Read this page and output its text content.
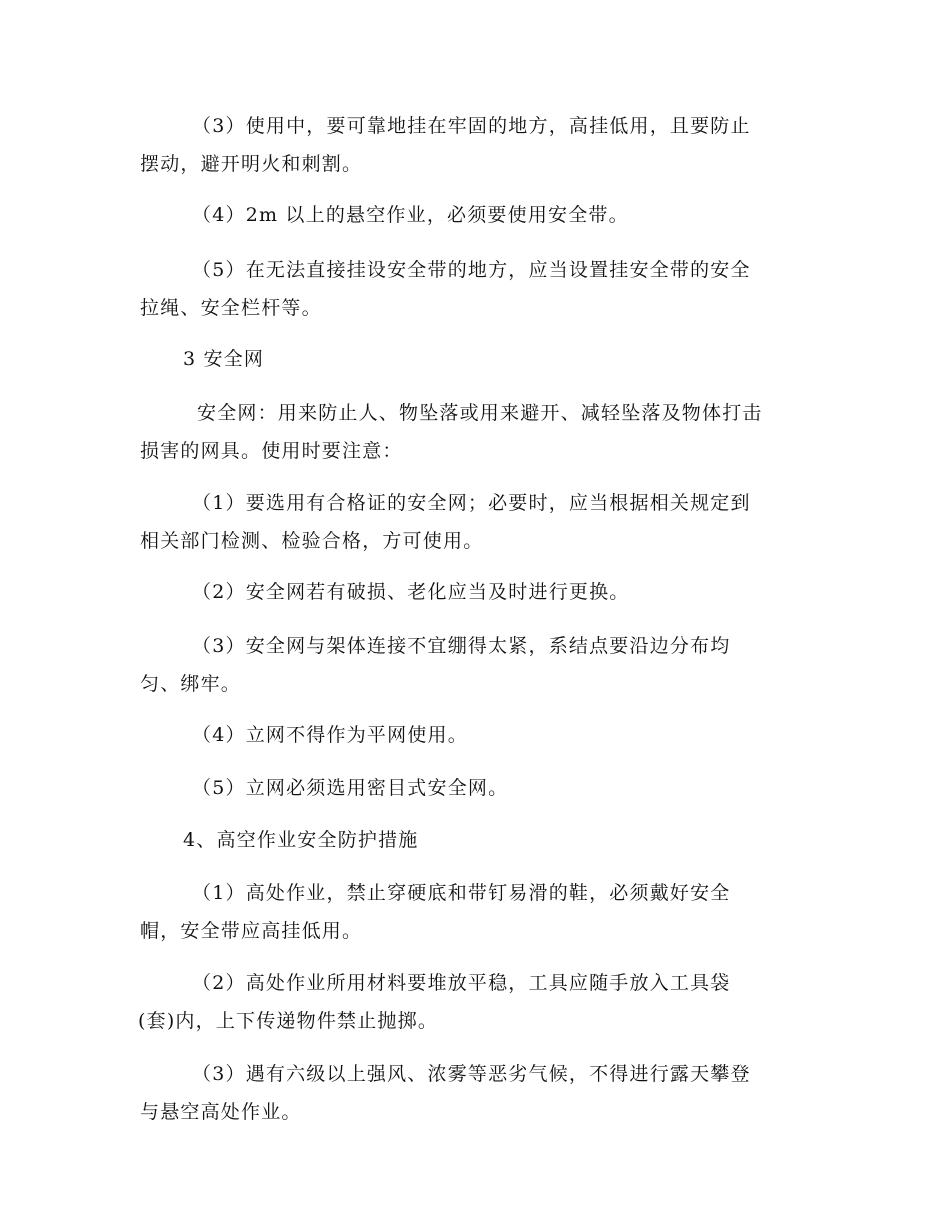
（3）使用中，要可靠地挂在牢固的地方，高挂低用，且要防止
摆动，避开明火和刺割。
（4）2m 以上的悬空作业，必须要使用安全带。
（5）在无法直接挂设安全带的地方，应当设置挂安全带的安全
拉绳、安全栏杆等。
3 安全网
安全网：用来防止人、物坠落或用来避开、减轻坠落及物体打击
损害的网具。使用时要注意：
（1）要选用有合格证的安全网；必要时，应当根据相关规定到
相关部门检测、检验合格，方可使用。
（2）安全网若有破损、老化应当及时进行更换。
（3）安全网与架体连接不宜绷得太紧，系结点要沿边分布均
匀、绑牢。
（4）立网不得作为平网使用。
（5）立网必须选用密目式安全网。
4、高空作业安全防护措施
（1）高处作业，禁止穿硬底和带钉易滑的鞋，必须戴好安全
帽，安全带应高挂低用。
（2）高处作业所用材料要堆放平稳，工具应随手放入工具袋
(套)内，上下传递物件禁止抛掷。
（3）遇有六级以上强风、浓雾等恶劣气候，不得进行露天攀登
与悬空高处作业。
